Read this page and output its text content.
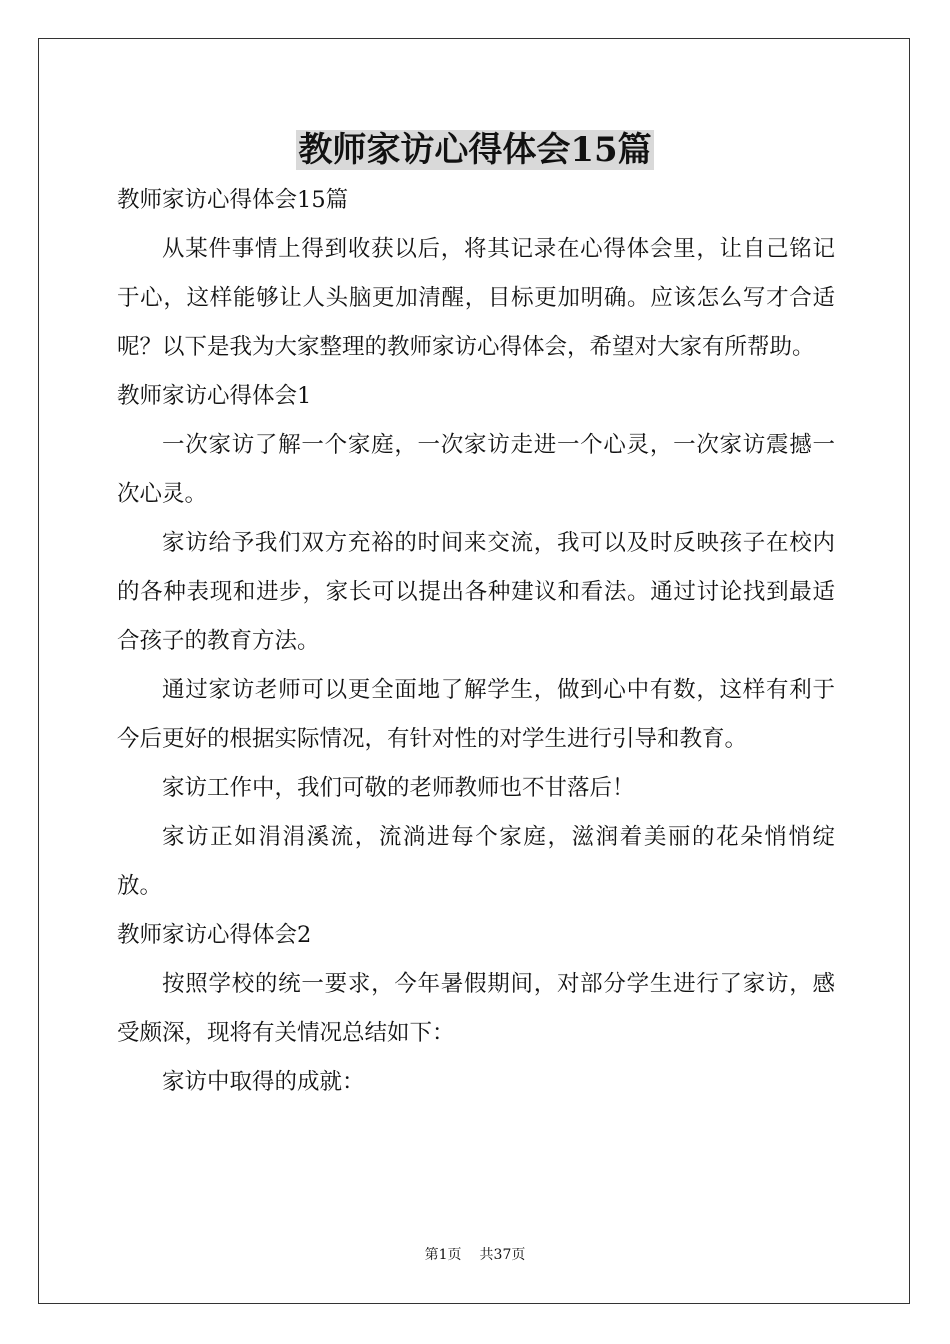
教师家访心得体会15篇

教师家访心得体会15篇

从某件事情上得到收获以后，将其记录在心得体会里，让自己铭记于心，这样能够让人头脑更加清醒，目标更加明确。应该怎么写才合适呢？以下是我为大家整理的教师家访心得体会，希望对大家有所帮助。

教师家访心得体会1

一次家访了解一个家庭，一次家访走进一个心灵，一次家访震撼一次心灵。

家访给予我们双方充裕的时间来交流，我可以及时反映孩子在校内的各种表现和进步，家长可以提出各种建议和看法。通过讨论找到最适合孩子的教育方法。

通过家访老师可以更全面地了解学生，做到心中有数，这样有利于今后更好的根据实际情况，有针对性的对学生进行引导和教育。

家访工作中，我们可敬的老师教师也不甘落后！

家访正如涓涓溪流，流淌进每个家庭，滋润着美丽的花朵悄悄绽放。

教师家访心得体会2

按照学校的统一要求，今年暑假期间，对部分学生进行了家访，感受颇深，现将有关情况总结如下：

家访中取得的成就：

第1页 共37页
